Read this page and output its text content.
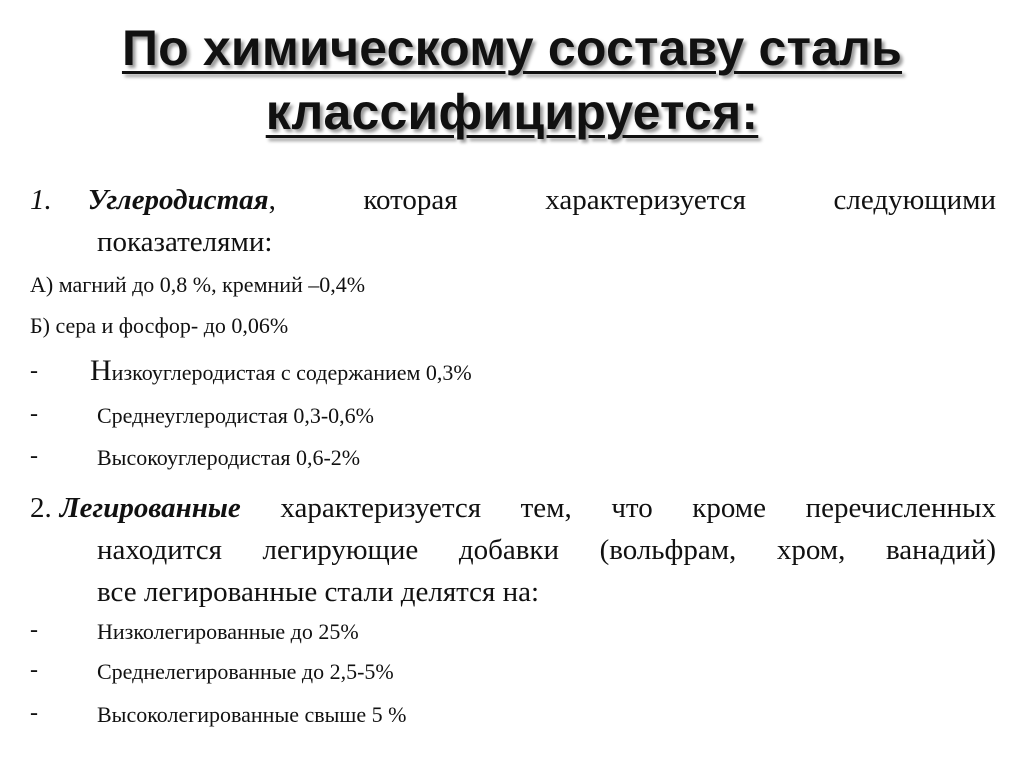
По химическому составу сталь
классифицируется:
1. Углеродистая,	которая	характеризуется	следующими
показателями:
А) магний до 0,8 %, кремний –0,4%
Б) сера и фосфор- до 0,06%
- Низкоуглеродистая с содержанием 0,3%
-	Среднеуглеродистая 0,3-0,6%
-	Высокоуглеродистая 0,6-2%
2. Легированные характеризуется тем, что кроме перечисленных
находится легирующие добавки (вольфрам, хром, ванадий)
все легированные стали делятся на:
-	Низколегированные до 25%
-	Среднелегированные до 2,5-5%
-	Высоколегированные свыше 5 %
